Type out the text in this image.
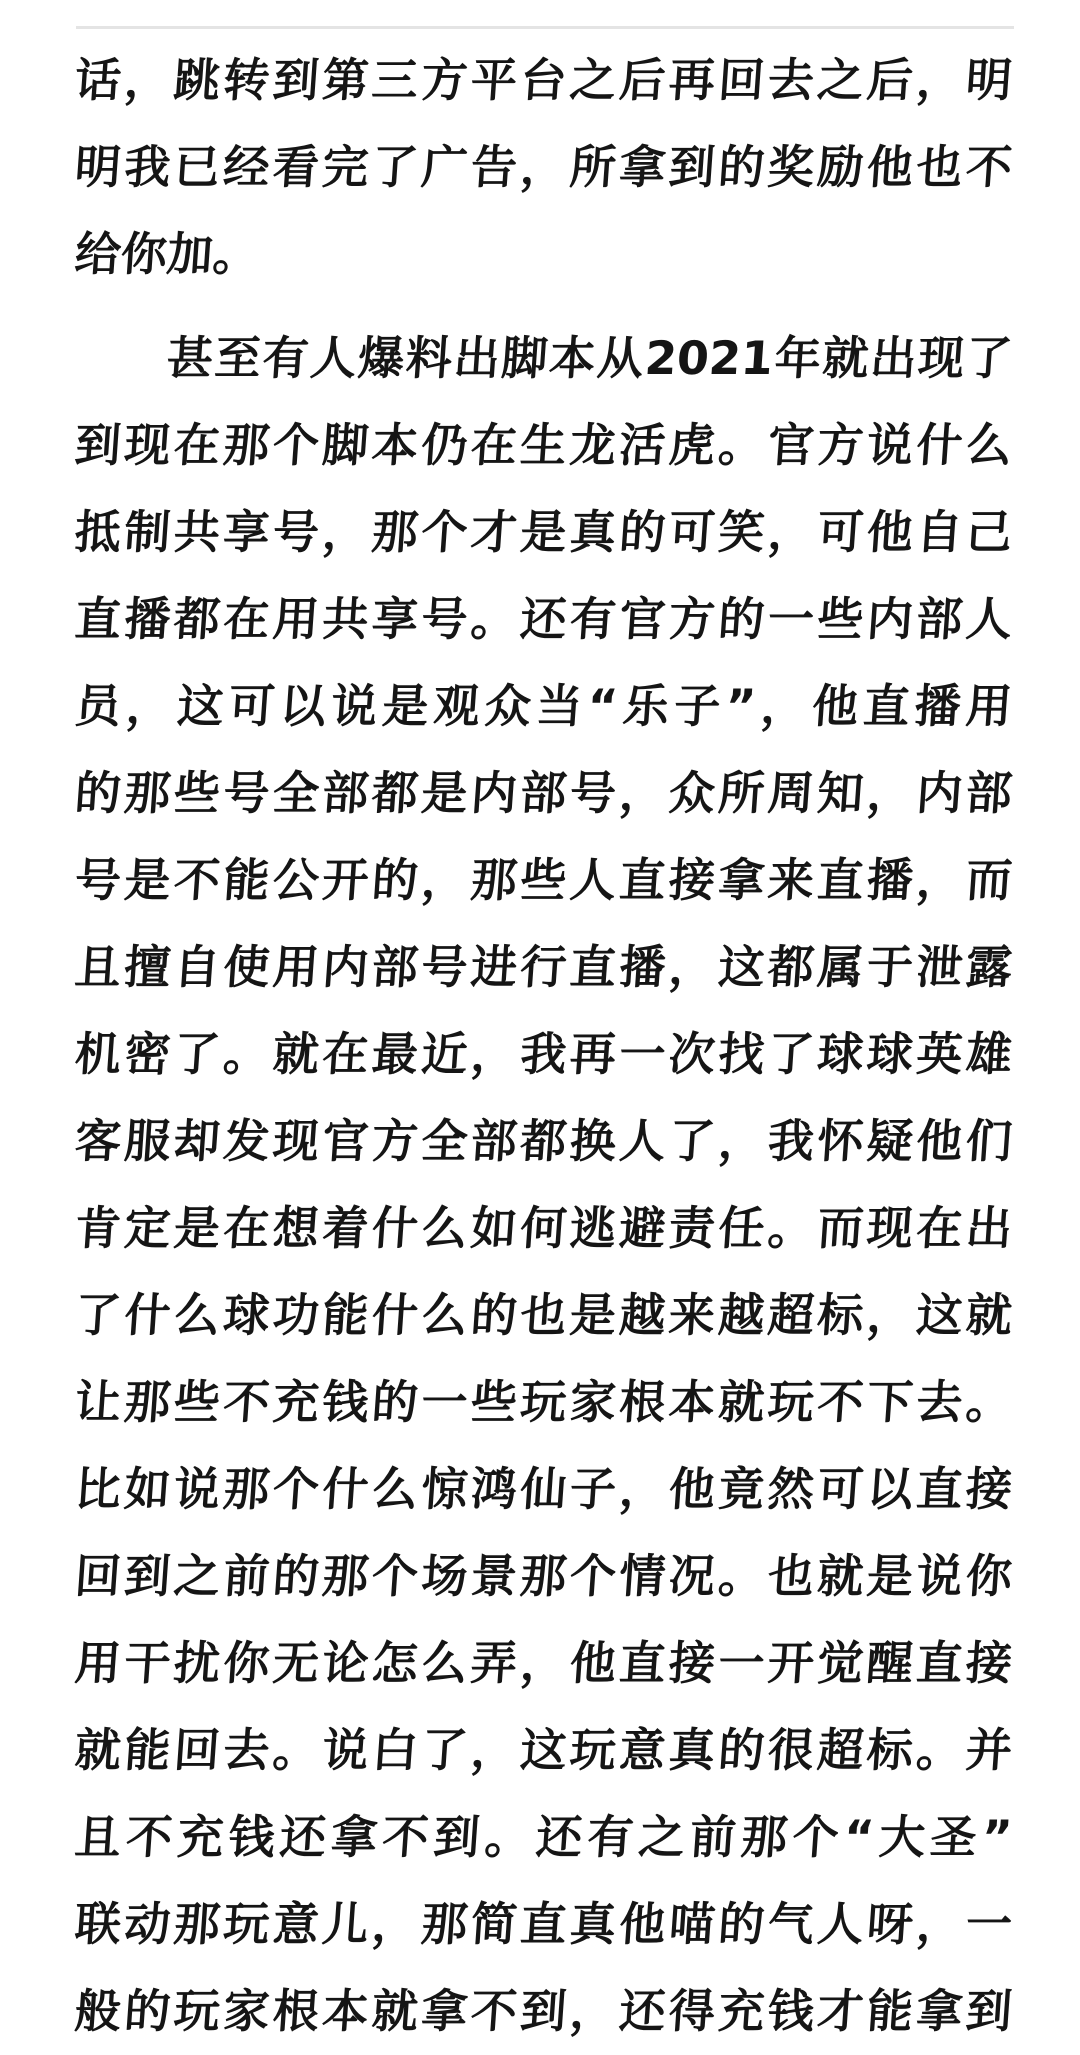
话，跳转到第三方平台之后再回去之后，明
明我已经看完了广告，所拿到的奖励他也不
给你加。
甚至有人爆料出脚本从2021年就出现了
到现在那个脚本仍在生龙活虎。官方说什么
抵制共享号，那个才是真的可笑，可他自己
直播都在用共享号。还有官方的一些内部人
员，这可以说是观众当“乐子”，他直播用
的那些号全部都是内部号，众所周知，内部
号是不能公开的，那些人直接拿来直播，而
且擅自使用内部号进行直播，这都属于泄露
机密了。就在最近，我再一次找了球球英雄
客服却发现官方全部都换人了，我怀疑他们
肯定是在想着什么如何逃避责任。而现在出
了什么球功能什么的也是越来越超标，这就
让那些不充钱的一些玩家根本就玩不下去。
比如说那个什么惊鸿仙子，他竟然可以直接
回到之前的那个场景那个情况。也就是说你
用干扰你无论怎么弄，他直接一开觉醒直接
就能回去。说白了，这玩意真的很超标。并
且不充钱还拿不到。还有之前那个“大圣”
联动那玩意儿，那简直真他喵的气人呀，一
般的玩家根本就拿不到，还得充钱才能拿到
